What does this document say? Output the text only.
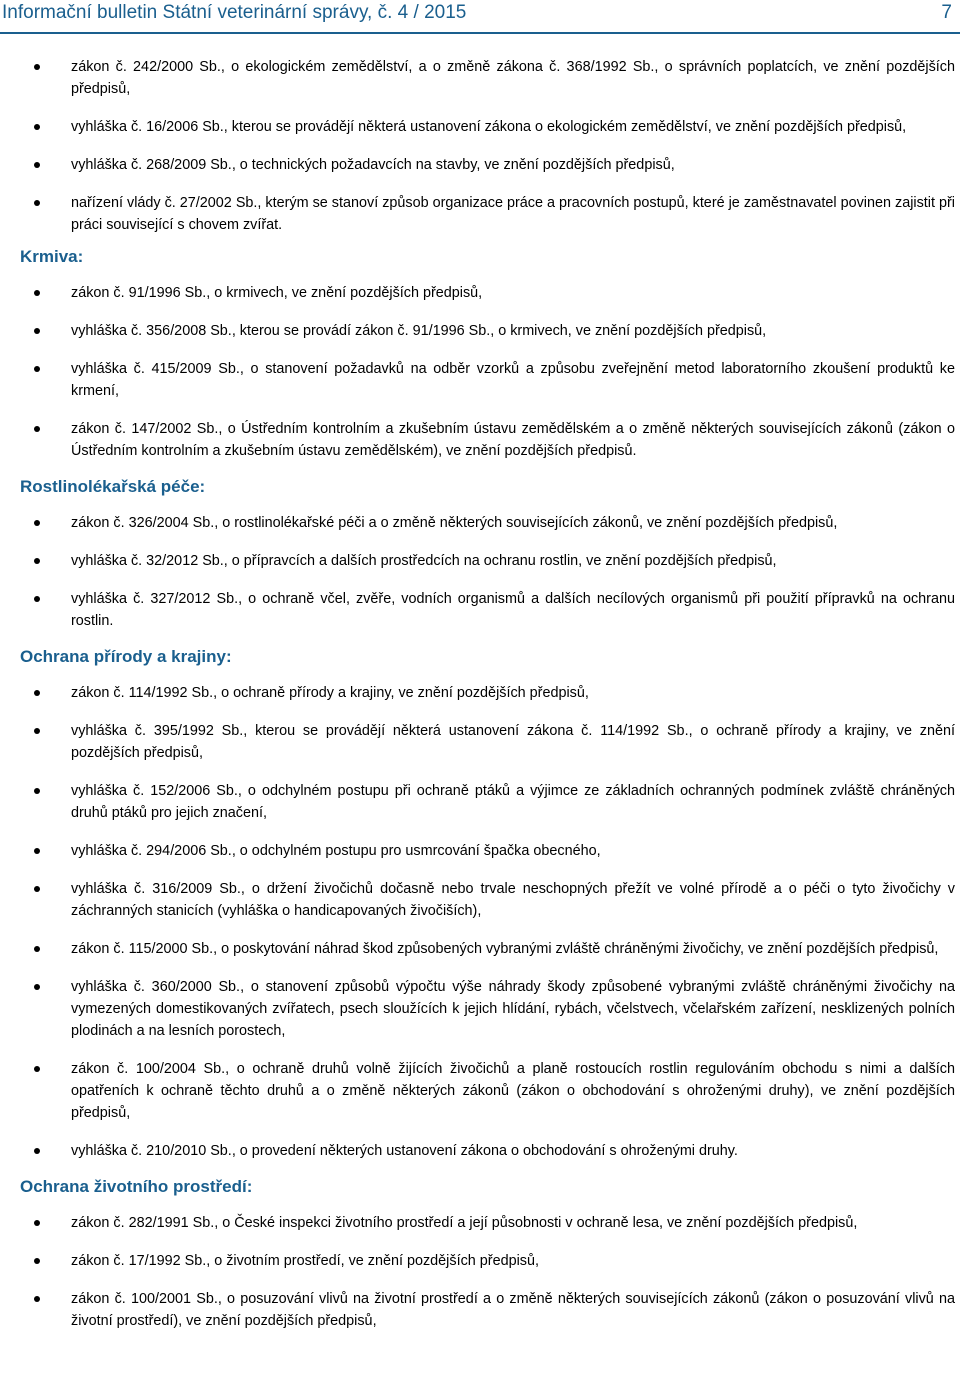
Informační bulletin Státní veterinární správy, č. 4 / 2015	7
zákon č. 242/2000 Sb., o ekologickém zemědělství, a o změně zákona č. 368/1992 Sb., o správních poplatcích, ve znění pozdějších předpisů,
vyhláška č. 16/2006 Sb., kterou se provádějí některá ustanovení zákona o ekologickém zemědělství, ve znění pozdějších předpisů,
vyhláška č. 268/2009 Sb., o technických požadavcích na stavby, ve znění pozdějších předpisů,
nařízení vlády č. 27/2002 Sb., kterým se stanoví způsob organizace práce a pracovních postupů, které je zaměstnavatel povinen zajistit při práci související s chovem zvířat.
Krmiva:
zákon č. 91/1996 Sb., o krmivech, ve znění pozdějších předpisů,
vyhláška č. 356/2008 Sb., kterou se provádí zákon č. 91/1996 Sb., o krmivech, ve znění pozdějších předpisů,
vyhláška č. 415/2009 Sb., o stanovení požadavků na odběr vzorků a způsobu zveřejnění metod laboratorního zkoušení produktů ke krmení,
zákon č. 147/2002 Sb., o Ústředním kontrolním a zkušebním ústavu zemědělském a o změně některých souvisejících zákonů (zákon o Ústředním kontrolním a zkušebním ústavu zemědělském), ve znění pozdějších předpisů.
Rostlinolékařská péče:
zákon č. 326/2004 Sb., o rostlinolékařské péči a o změně některých souvisejících zákonů, ve znění pozdějších předpisů,
vyhláška č. 32/2012 Sb., o přípravcích a dalších prostředcích na ochranu rostlin, ve znění pozdějších předpisů,
vyhláška č. 327/2012 Sb., o ochraně včel, zvěře, vodních organismů a dalších necílových organismů při použití přípravků na ochranu rostlin.
Ochrana přírody a krajiny:
zákon č. 114/1992 Sb., o ochraně přírody a krajiny, ve znění pozdějších předpisů,
vyhláška č. 395/1992 Sb., kterou se provádějí některá ustanovení zákona č. 114/1992 Sb., o ochraně přírody a krajiny, ve znění pozdějších předpisů,
vyhláška č. 152/2006 Sb., o odchylném postupu při ochraně ptáků a výjimce ze základních ochranných podmínek zvláště chráněných druhů ptáků pro jejich značení,
vyhláška č. 294/2006 Sb., o odchylném postupu pro usmrcování špačka obecného,
vyhláška č. 316/2009 Sb., o držení živočichů dočasně nebo trvale neschopných přežít ve volné přírodě a o péči o tyto živočichy v záchranných stanicích (vyhláška o handicapovaných živočiších),
zákon č. 115/2000 Sb., o poskytování náhrad škod způsobených vybranými zvláště chráněnými živočichy, ve znění pozdějších předpisů,
vyhláška č. 360/2000 Sb., o stanovení způsobů výpočtu výše náhrady škody způsobené vybranými zvláště chráněnými živočichy na vymezených domestikovaných zvířatech, psech sloužících k jejich hlídání, rybách, včelstvech, včelařském zařízení, nesklizených polních plodinách a na lesních porostech,
zákon č. 100/2004 Sb., o ochraně druhů volně žijících živočichů a planě rostoucích rostlin regulováním obchodu s nimi a dalších opatřeních k ochraně těchto druhů a o změně některých zákonů (zákon o obchodování s ohroženými druhy), ve znění pozdějších předpisů,
vyhláška č. 210/2010 Sb., o provedení některých ustanovení zákona o obchodování s ohroženými druhy.
Ochrana životního prostředí:
zákon č. 282/1991 Sb., o České inspekci životního prostředí a její působnosti v ochraně lesa, ve znění pozdějších předpisů,
zákon č. 17/1992 Sb., o životním prostředí, ve znění pozdějších předpisů,
zákon č. 100/2001 Sb., o posuzování vlivů na životní prostředí a o změně některých souvisejících zákonů (zákon o posuzování vlivů na životní prostředí), ve znění pozdějších předpisů,
